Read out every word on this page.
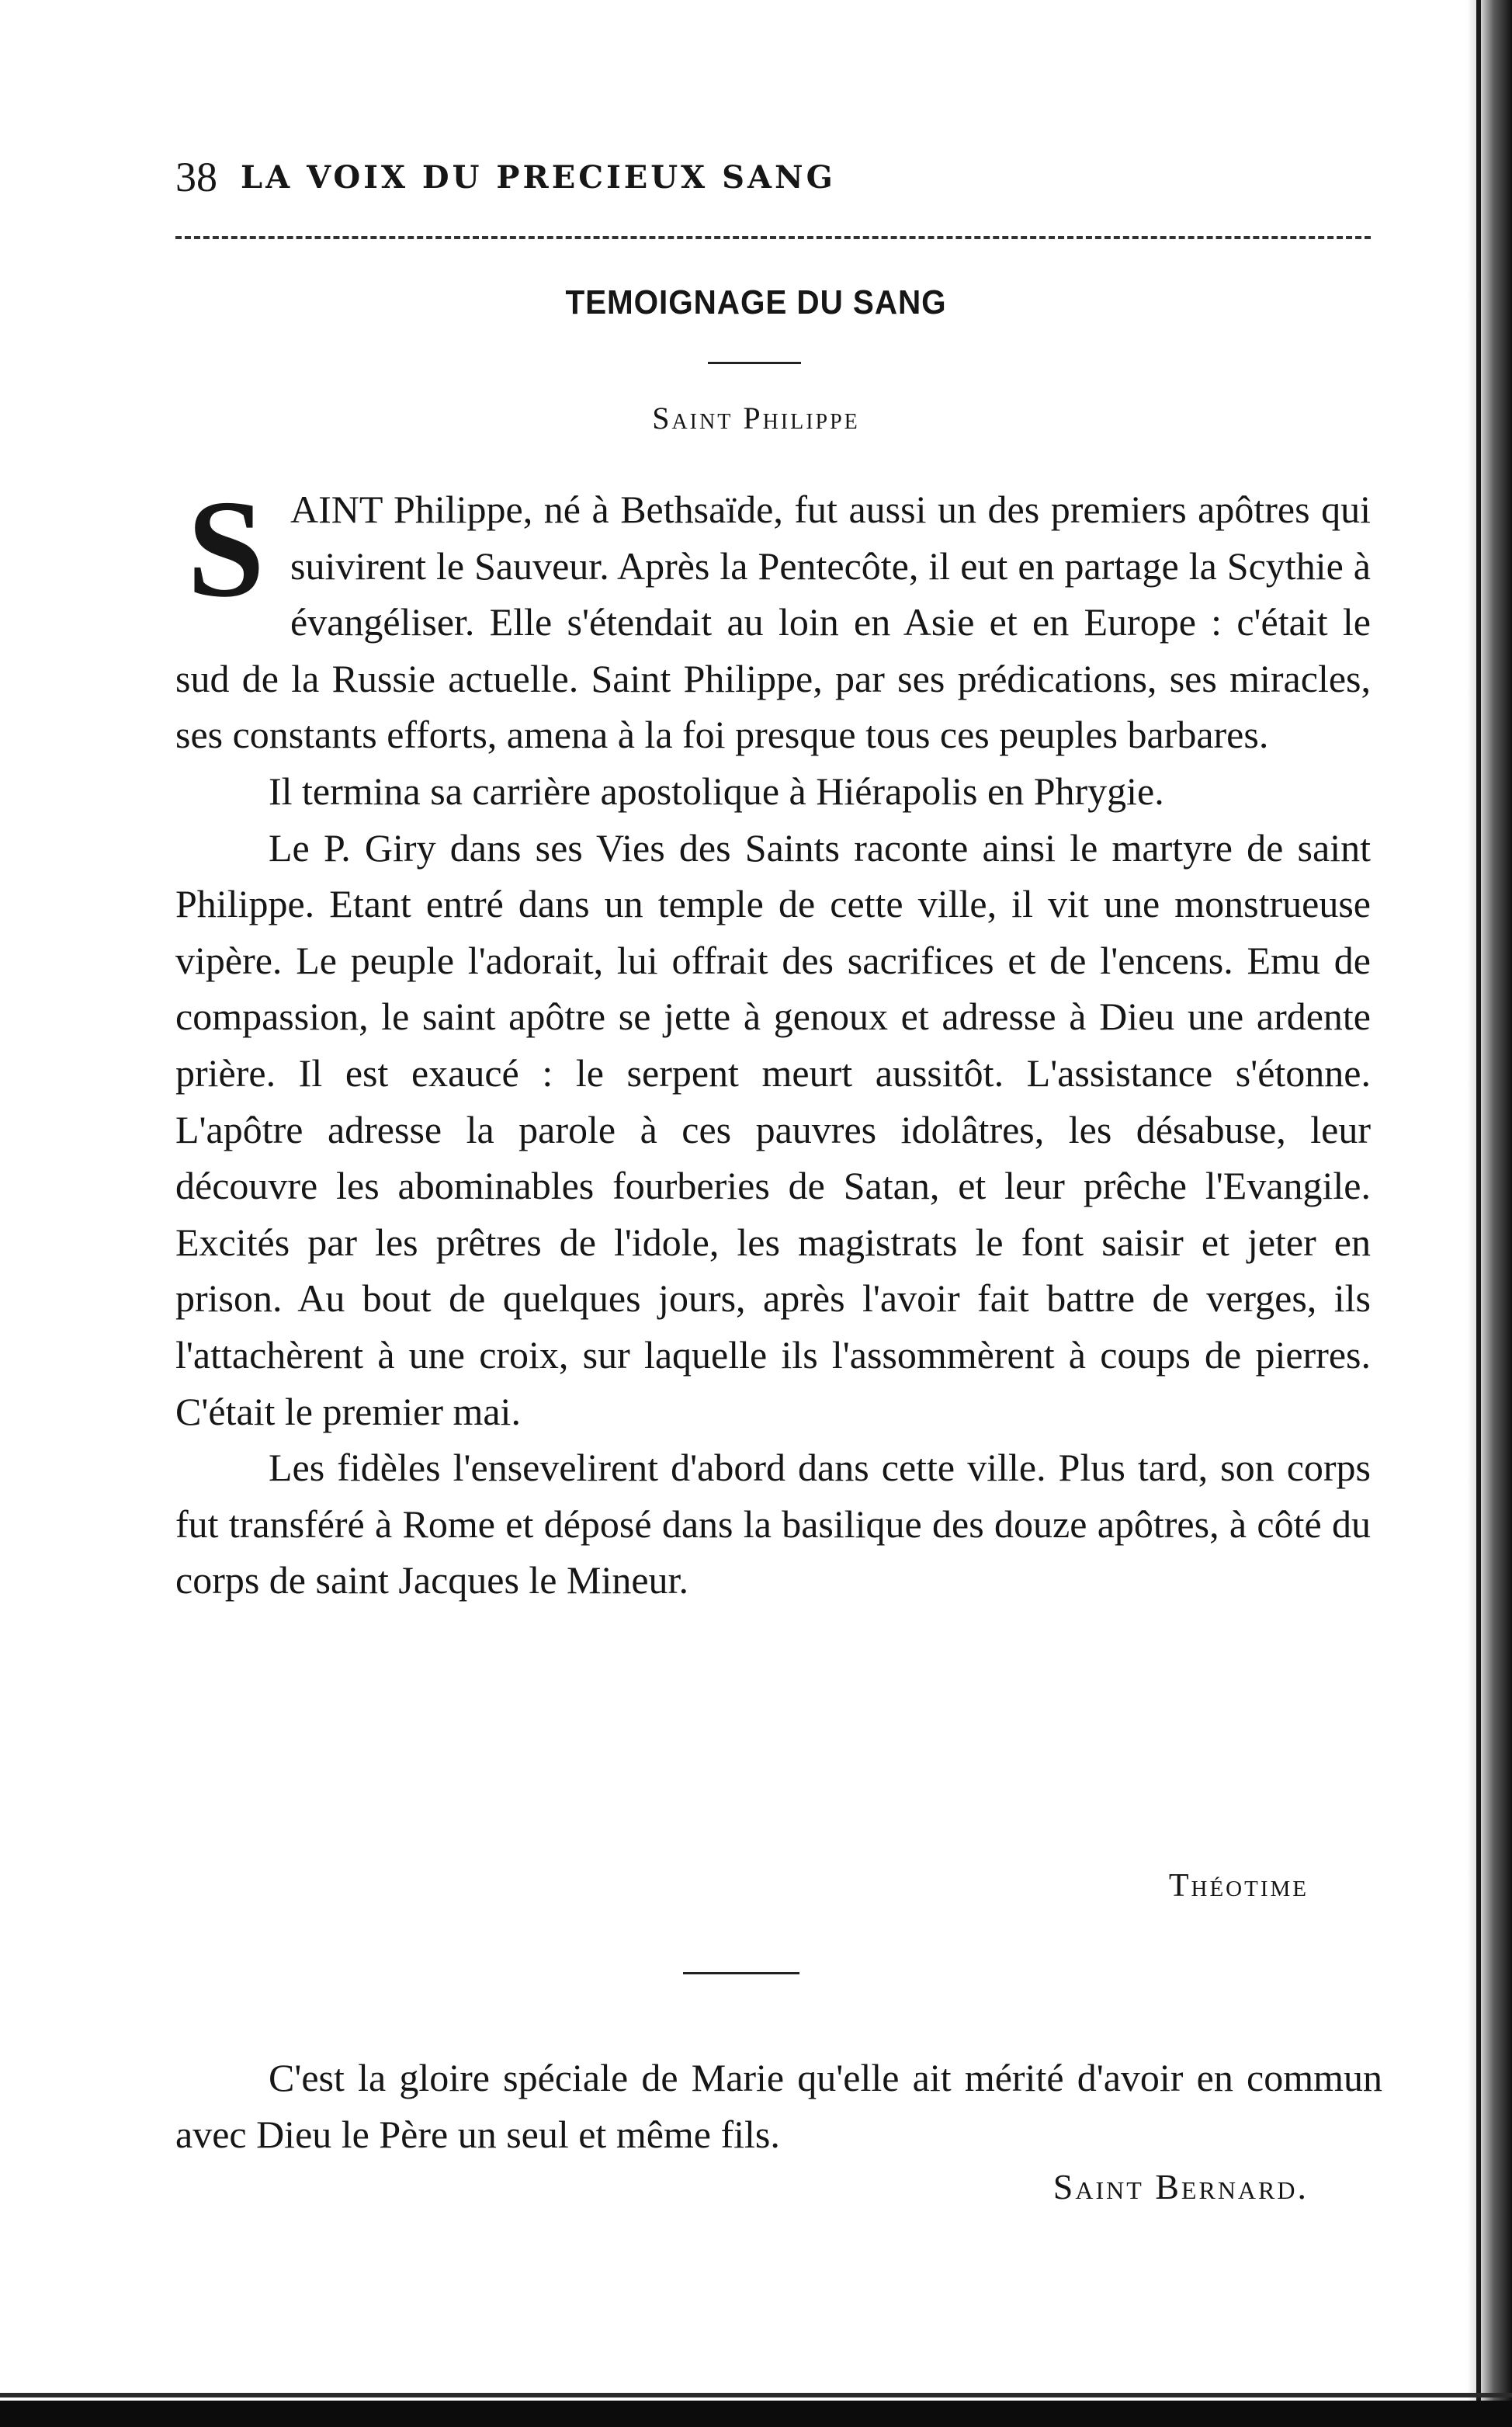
38 LA VOIX DU PRECIEUX SANG
TEMOIGNAGE DU SANG
Saint Philippe

SAINT Philippe, né à Bethsaïde, fut aussi un des premiers apôtres qui suivirent le Sauveur. Après la Pentecôte, il eut en partage la Scythie à évangéliser. Elle s'étendait au loin en Asie et en Europe : c'était le sud de la Russie actuelle. Saint Philippe, par ses prédications, ses miracles, ses constants efforts, amena à la foi presque tous ces peuples barbares.

Il termina sa carrière apostolique à Hiérapolis en Phrygie.

Le P. Giry dans ses Vies des Saints raconte ainsi le martyre de saint Philippe. Etant entré dans un temple de cette ville, il vit une monstrueuse vipère. Le peuple l'adorait, lui offrait des sacrifices et de l'encens. Emu de compassion, le saint apôtre se jette à genoux et adresse à Dieu une ardente prière. Il est exaucé : le serpent meurt aussitôt. L'assistance s'étonne. L'apôtre adresse la parole à ces pauvres idolâtres, les désabuse, leur découvre les abominables fourberies de Satan, et leur prêche l'Evangile. Excités par les prêtres de l'idole, les magistrats le font saisir et jeter en prison. Au bout de quelques jours, après l'avoir fait battre de verges, ils l'attachèrent à une croix, sur laquelle ils l'assommèrent à coups de pierres. C'était le premier mai.

Les fidèles l'ensevelirent d'abord dans cette ville. Plus tard, son corps fut transféré à Rome et déposé dans la basilique des douze apôtres, à côté du corps de saint Jacques le Mineur.

Théotime

C'est la gloire spéciale de Marie qu'elle ait mérité d'avoir en commun avec Dieu le Père un seul et même fils.

Saint Bernard.
